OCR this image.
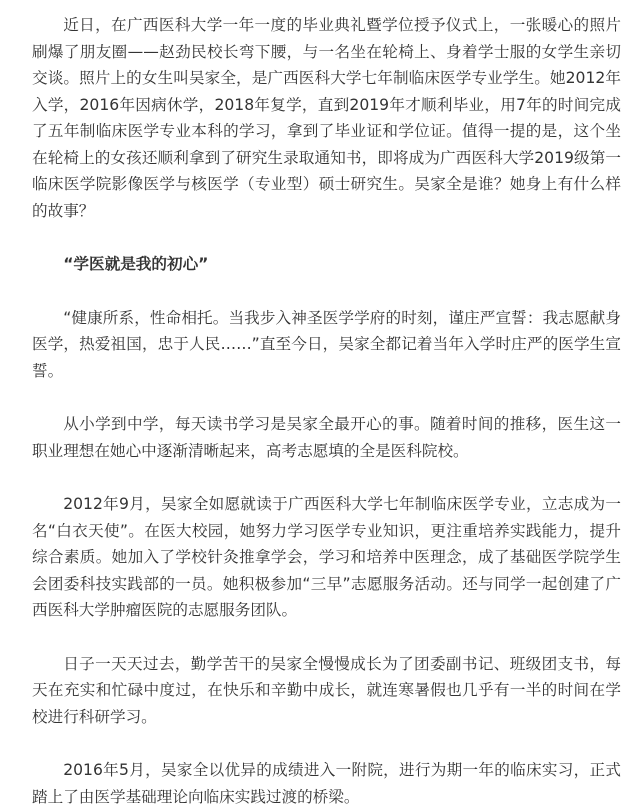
近日，在广西医科大学一年一度的毕业典礼暨学位授予仪式上，一张暖心的照片刷爆了朋友圈——赵劲民校长弯下腰，与一名坐在轮椅上、身着学士服的女学生亲切交谈。照片上的女生叫吴家全，是广西医科大学七年制临床医学专业学生。她2012年入学，2016年因病休学，2018年复学，直到2019年才顺利毕业，用7年的时间完成了五年制临床医学专业本科的学习，拿到了毕业证和学位证。值得一提的是，这个坐在轮椅上的女孩还顺利拿到了研究生录取通知书，即将成为广西医科大学2019级第一临床医学院影像医学与核医学（专业型）硕士研究生。吴家全是谁？她身上有什么样的故事？

“学医就是我的初心”

“健康所系，性命相托。当我步入神圣医学学府的时刻，谨庄严宣誓：我志愿献身医学，热爱祖国，忠于人民……”直至今日，吴家全都记着当年入学时庄严的医学生宣誓。

从小学到中学，每天读书学习是吴家全最开心的事。随着时间的推移，医生这一职业理想在她心中逐渐清晰起来，高考志愿填的全是医科院校。

2012年9月，吴家全如愿就读于广西医科大学七年制临床医学专业，立志成为一名“白衣天使”。在医大校园，她努力学习医学专业知识，更注重培养实践能力，提升综合素质。她加入了学校针灸推拿学会，学习和培养中医理念，成了基础医学院学生会团委科技实践部的一员。她积极参加“三早”志愿服务活动。还与同学一起创建了广西医科大学肿瘤医院的志愿服务团队。

日子一天天过去，勤学苦干的吴家全慢慢成长为了团委副书记、班级团支书，每天在充实和忙碌中度过，在快乐和辛勤中成长，就连寒暑假也几乎有一半的时间在学校进行科研学习。

2016年5月，吴家全以优异的成绩进入一附院，进行为期一年的临床实习，正式踏上了由医学基础理论向临床实践过渡的桥梁。
